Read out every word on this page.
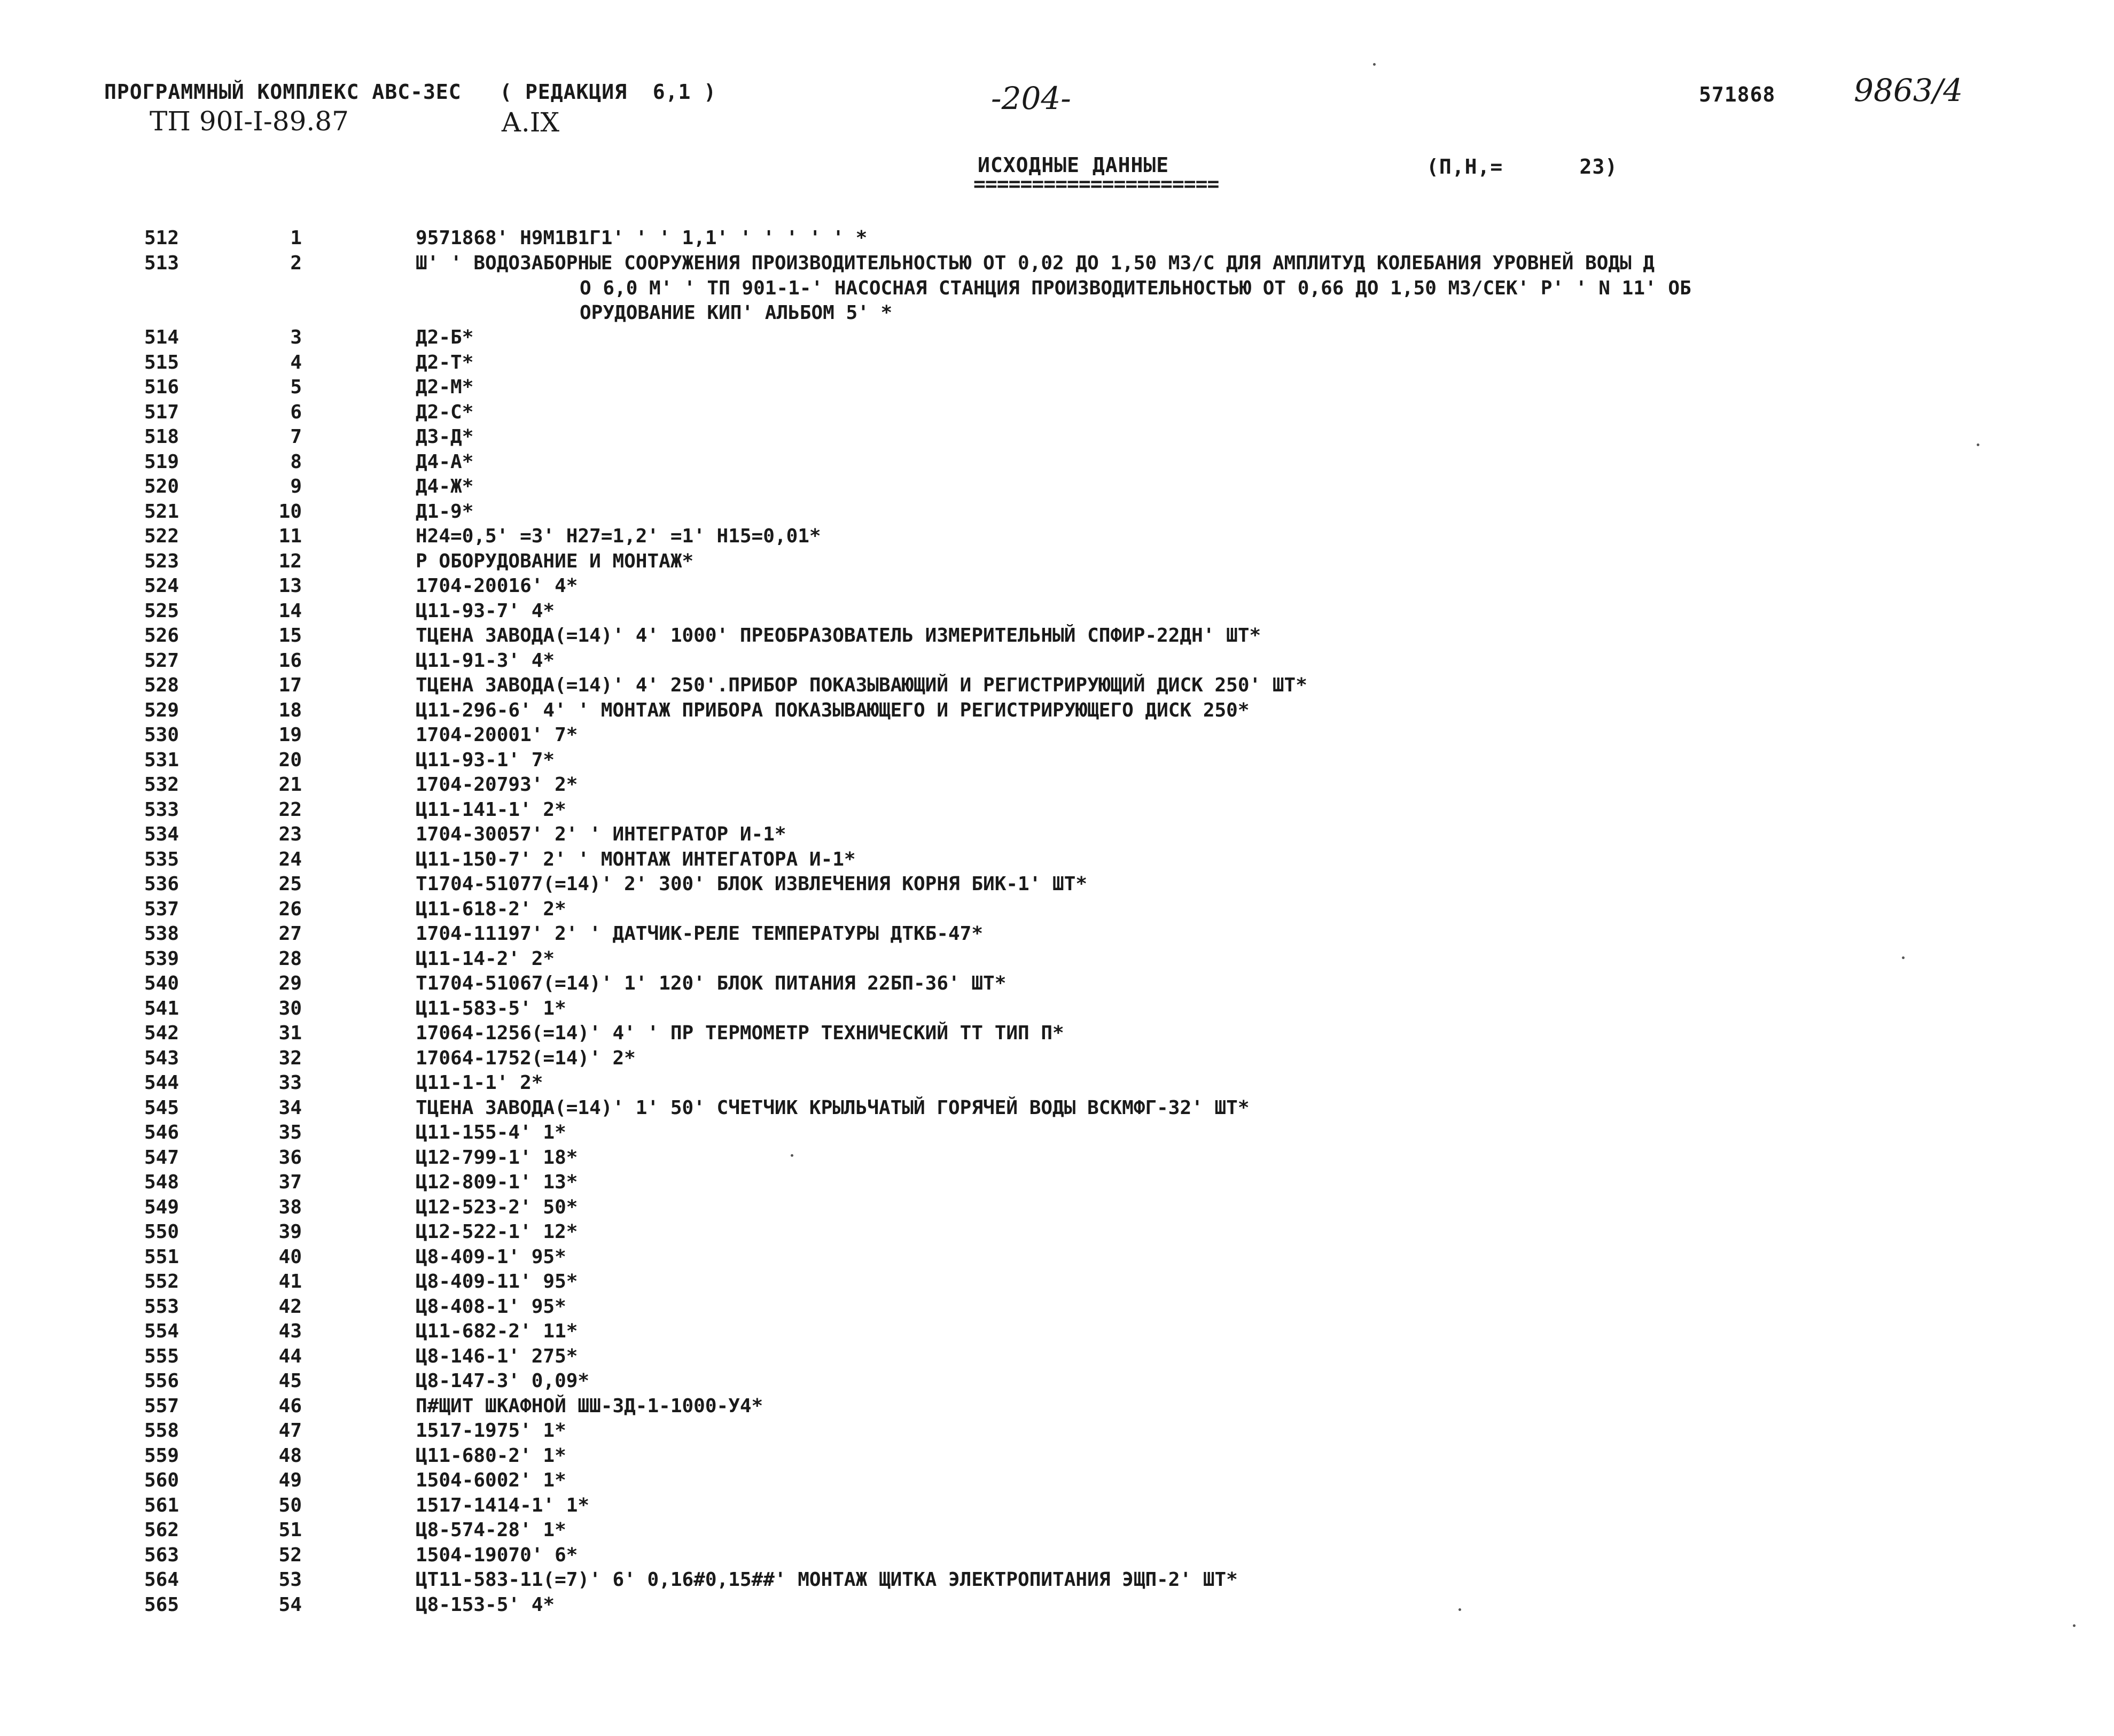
ПРОГРАММНЫЙ КОМПЛЕКС АВС-3ЕС   ( РЕДАКЦИЯ  6,1 )
ТП 90I-I-89.87	А.IX
-204-	571868	9863/4
ИСХОДНЫЕ ДАННЫЕ
=====================
(П,Н,=      23)
512	1	9571868' Н9М1В1Г1' ' ' 1,1' ' ' ' ' ' *
513	2	Ш' ' ВОДОЗАБОРНЫЕ СООРУЖЕНИЯ ПРОИЗВОДИТЕЛЬНОСТЬЮ ОТ 0,02 ДО 1,50 М3/С ДЛЯ АМПЛИТУД КОЛЕБАНИЯ УРОВНЕЙ ВОДЫ Д
О 6,0 М' ' ТП 901-1-' НАСОСНАЯ СТАНЦИЯ ПРОИЗВОДИТЕЛЬНОСТЬЮ ОТ 0,66 ДО 1,50 М3/СЕК' Р' ' N 11' ОБ
ОРУДОВАНИЕ КИП' АЛЬБОМ 5' *
514	3	Д2-Б*
515	4	Д2-Т*
516	5	Д2-М*
517	6	Д2-С*
518	7	Д3-Д*
519	8	Д4-А*
520	9	Д4-Ж*
521	10	Д1-9*
522	11	Н24=0,5' =3' Н27=1,2' =1' Н15=0,01*
523	12	Р ОБОРУДОВАНИЕ И МОНТАЖ*
524	13	1704-20016' 4*
525	14	Ц11-93-7' 4*
526	15	ТЦЕНА ЗАВОДА(=14)' 4' 1000' ПРЕОБРАЗОВАТЕЛЬ ИЗМЕРИТЕЛЬНЫЙ СПФИР-22ДН' ШТ*
527	16	Ц11-91-3' 4*
528	17	ТЦЕНА ЗАВОДА(=14)' 4' 250'.ПРИБОР ПОКАЗЫВАЮЩИЙ И РЕГИСТРИРУЮЩИЙ ДИСК 250' ШТ*
529	18	Ц11-296-6' 4' ' МОНТАЖ ПРИБОРА ПОКАЗЫВАЮЩЕГО И РЕГИСТРИРУЮЩЕГО ДИСК 250*
530	19	1704-20001' 7*
531	20	Ц11-93-1' 7*
532	21	1704-20793' 2*
533	22	Ц11-141-1' 2*
534	23	1704-30057' 2' ' ИНТЕГРАТОР И-1*
535	24	Ц11-150-7' 2' ' МОНТАЖ ИНТЕГАТОРА И-1*
536	25	Т1704-51077(=14)' 2' 300' БЛОК ИЗВЛЕЧЕНИЯ КОРНЯ БИК-1' ШТ*
537	26	Ц11-618-2' 2*
538	27	1704-11197' 2' ' ДАТЧИК-РЕЛЕ ТЕМПЕРАТУРЫ ДТКБ-47*
539	28	Ц11-14-2' 2*
540	29	Т1704-51067(=14)' 1' 120' БЛОК ПИТАНИЯ 22БП-36' ШТ*
541	30	Ц11-583-5' 1*
542	31	17064-1256(=14)' 4' ' ПР ТЕРМОМЕТР ТЕХНИЧЕСКИЙ ТТ ТИП П*
543	32	17064-1752(=14)' 2*
544	33	Ц11-1-1' 2*
545	34	ТЦЕНА ЗАВОДА(=14)' 1' 50' СЧЕТЧИК КРЫЛЬЧАТЫЙ ГОРЯЧЕЙ ВОДЫ ВСКМФГ-32' ШТ*
546	35	Ц11-155-4' 1*
547	36	Ц12-799-1' 18*
548	37	Ц12-809-1' 13*
549	38	Ц12-523-2' 50*
550	39	Ц12-522-1' 12*
551	40	Ц8-409-1' 95*
552	41	Ц8-409-11' 95*
553	42	Ц8-408-1' 95*
554	43	Ц11-682-2' 11*
555	44	Ц8-146-1' 275*
556	45	Ц8-147-3' 0,09*
557	46	П#ЩИТ ШКАФНОЙ ШШ-3Д-1-1000-У4*
558	47	1517-1975' 1*
559	48	Ц11-680-2' 1*
560	49	1504-6002' 1*
561	50	1517-1414-1' 1*
562	51	Ц8-574-28' 1*
563	52	1504-19070' 6*
564	53	ЦТ11-583-11(=7)' 6' 0,16#0,15##' МОНТАЖ ЩИТКА ЭЛЕКТРОПИТАНИЯ ЭЩП-2' ШТ*
565	54	Ц8-153-5' 4*
